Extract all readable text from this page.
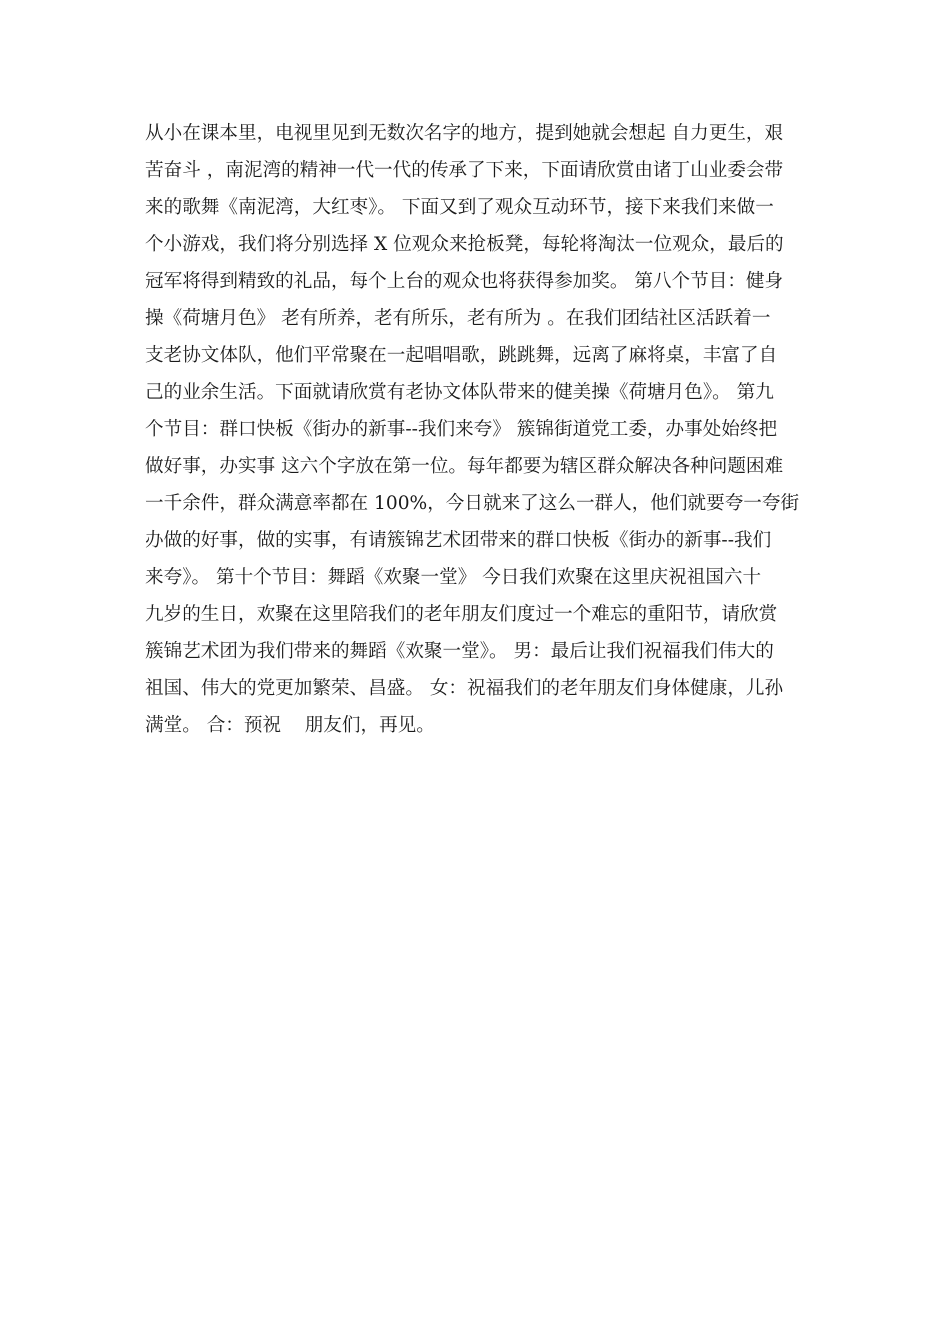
从小在课本里，电视里见到无数次名字的地方，提到她就会想起 自力更生，艰
苦奋斗 ，南泥湾的精神一代一代的传承了下来，下面请欣赏由诸丁山业委会带
来的歌舞《南泥湾，大红枣》。 下面又到了观众互动环节，接下来我们来做一
个小游戏，我们将分别选择 X 位观众来抢板凳，每轮将淘汰一位观众，最后的
冠军将得到精致的礼品，每个上台的观众也将获得参加奖。 第八个节目：健身
操《荷塘月色》 老有所养，老有所乐，老有所为 。在我们团结社区活跃着一
支老协文体队，他们平常聚在一起唱唱歌，跳跳舞，远离了麻将桌，丰富了自
己的业余生活。下面就请欣赏有老协文体队带来的健美操《荷塘月色》。 第九
个节目：群口快板《街办的新事--我们来夸》 簇锦街道党工委，办事处始终把
做好事，办实事 这六个字放在第一位。每年都要为辖区群众解决各种问题困难
一千余件，群众满意率都在 100%，今日就来了这么一群人，他们就要夸一夸街
办做的好事，做的实事，有请簇锦艺术团带来的群口快板《街办的新事--我们
来夸》。 第十个节目：舞蹈《欢聚一堂》 今日我们欢聚在这里庆祝祖国六十
九岁的生日，欢聚在这里陪我们的老年朋友们度过一个难忘的重阳节，请欣赏
簇锦艺术团为我们带来的舞蹈《欢聚一堂》。 男：最后让我们祝福我们伟大的
祖国、伟大的党更加繁荣、昌盛。 女：祝福我们的老年朋友们身体健康，儿孙
满堂。 合：预祝    朋友们，再见。
